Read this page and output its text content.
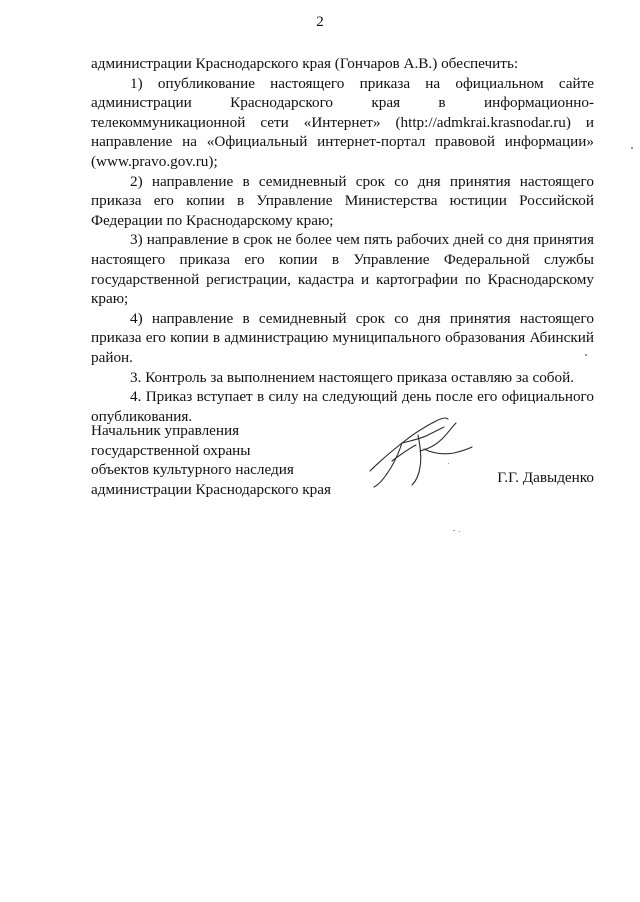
2

администрации Краснодарского края (Гончаров А.В.) обеспечить:

1) опубликование настоящего приказа на официальном сайте администрации Краснодарского края в информационно-телекоммуникационной сети «Интернет» (http://admkrai.krasnodar.ru) и направление на «Официальный интернет-портал правовой информации» (www.pravo.gov.ru);

2) направление в семидневный срок со дня принятия настоящего приказа его копии в Управление Министерства юстиции Российской Федерации по Краснодарскому краю;

3) направление в срок не более чем пять рабочих дней со дня принятия настоящего приказа его копии в Управление Федеральной службы государственной регистрации, кадастра и картографии по Краснодарскому краю;

4) направление в семидневный срок со дня принятия настоящего приказа его копии в администрацию муниципального образования Абинский район.

3. Контроль за выполнением настоящего приказа оставляю за собой.

4. Приказ вступает в силу на следующий день после его официального опубликования.

Начальник управления
государственной охраны
объектов культурного наследия
администрации Краснодарского края
Г.Г. Давыденко
